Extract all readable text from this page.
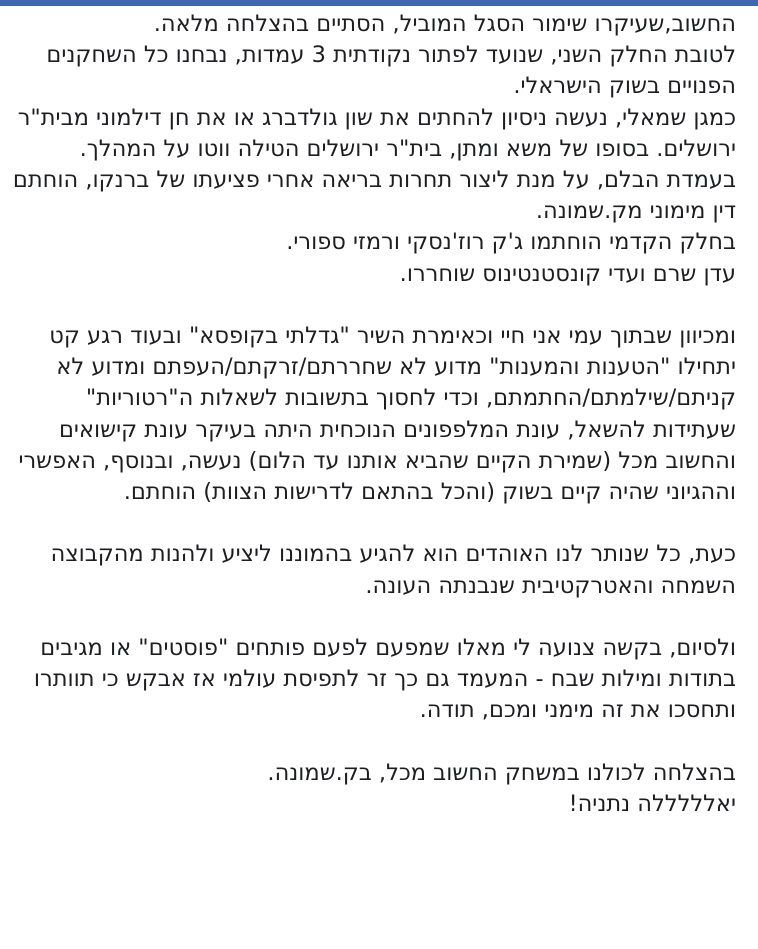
החשוב,שעיקרו שימור הסגל המוביל, הסתיים בהצלחה מלאה.

לטובת החלק השני, שנועד לפתור נקודתית 3 עמדות, נבחנו כל השחקנים הפנויים בשוק הישראלי.

כמגן שמאלי, נעשה ניסיון להחתים את שון גולדברג או את חן דילמוני מבית"ר ירושלים. בסופו של משא ומתן, בית"ר ירושלים הטילה ווטו על המהלך.

בעמדת הבלם, על מנת ליצור תחרות בריאה אחרי פציעתו של ברנקו, הוחתם דין מימוני מק.שמונה.

בחלק הקדמי הוחתמו ג'ק רוז'נסקי ורמזי ספורי.

עדן שרם ועדי קונסטנטינוס שוחררו.

ומכיוון שבתוך עמי אני חיי וכאימרת השיר "גדלתי בקופסא" ובעוד רגע קט יתחילו "הטענות והמענות" מדוע לא שחררתם/זרקתם/העפתם ומדוע לא קניתם/שילמתם/החתמתם, וכדי לחסוך בתשובות לשאלות ה"רטוריות" שעתידות להשאל, עונת המלפפונים הנוכחית היתה בעיקר עונת קישואים והחשוב מכל (שמירת הקיים שהביא אותנו עד הלום) נעשה, ובנוסף, האפשרי וההגיוני שהיה קיים בשוק (והכל בהתאם לדרישות הצוות) הוחתם.

כעת, כל שנותר לנו האוהדים הוא להגיע בהמוננו ליציע ולהנות מהקבוצה השמחה והאטרקטיבית שנבנתה העונה.

ולסיום, בקשה צנועה לי מאלו שמפעם לפעם פותחים "פוסטים" או מגיבים בתודות ומילות שבח - המעמד גם כך זר לתפיסת עולמי אז אבקש כי תוותרו ותחסכו את זה מימני ומכם, תודה.

בהצלחה לכולנו במשחק החשוב מכל, בק.שמונה.

יאלללללה נתניה!
